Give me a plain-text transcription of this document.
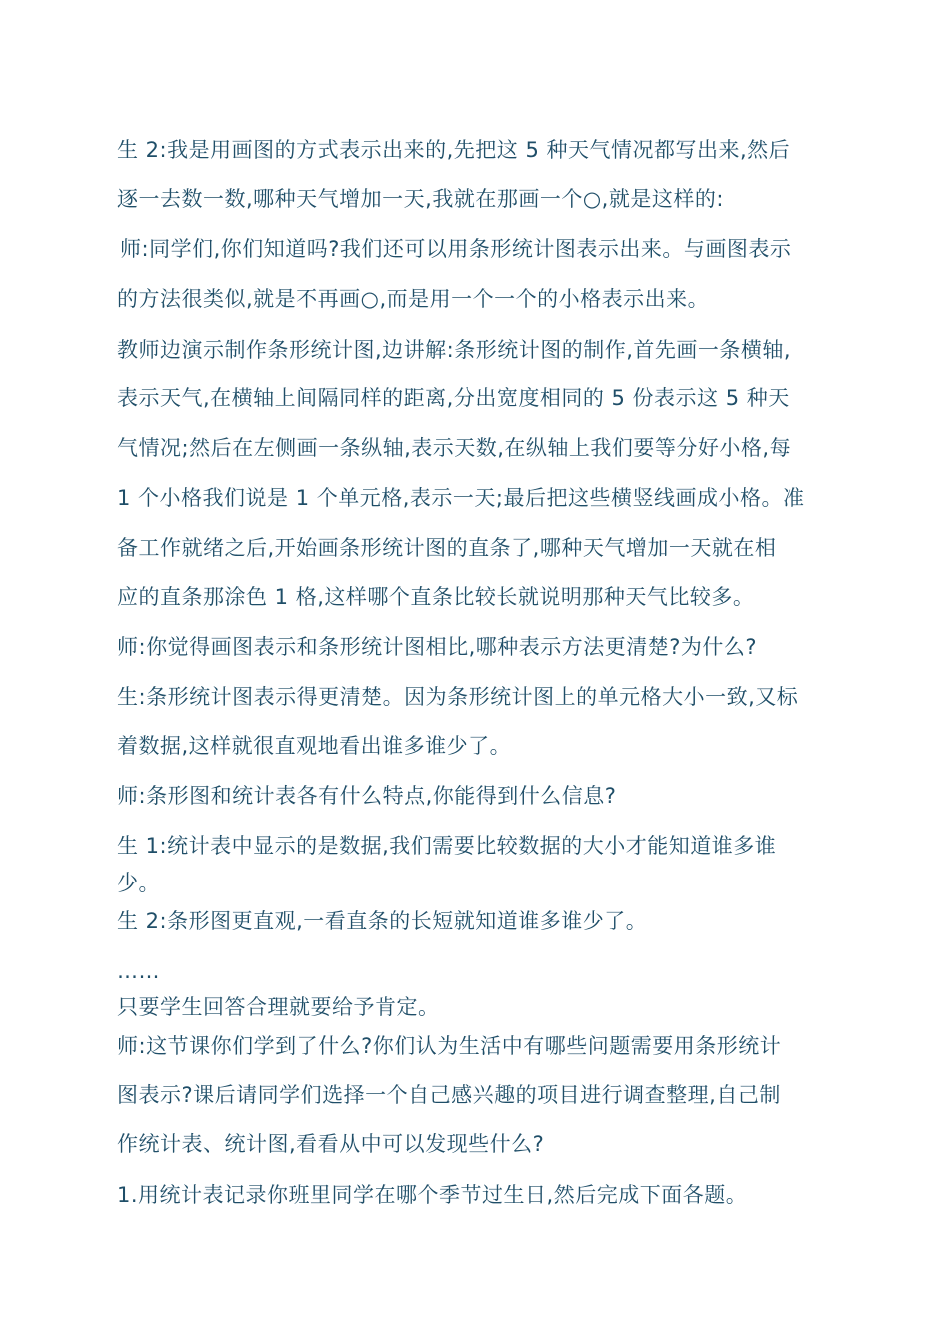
生 2:我是用画图的方式表示出来的,先把这 5 种天气情况都写出来,然后
逐一去数一数,哪种天气增加一天,我就在那画一个○,就是这样的:
师:同学们,你们知道吗?我们还可以用条形统计图表示出来。与画图表示
的方法很类似,就是不再画○,而是用一个一个的小格表示出来。
教师边演示制作条形统计图,边讲解:条形统计图的制作,首先画一条横轴,
表示天气,在横轴上间隔同样的距离,分出宽度相同的 5 份表示这 5 种天
气情况;然后在左侧画一条纵轴,表示天数,在纵轴上我们要等分好小格,每
1 个小格我们说是 1 个单元格,表示一天;最后把这些横竖线画成小格。准
备工作就绪之后,开始画条形统计图的直条了,哪种天气增加一天就在相
应的直条那涂色 1 格,这样哪个直条比较长就说明那种天气比较多。
师:你觉得画图表示和条形统计图相比,哪种表示方法更清楚?为什么?
生:条形统计图表示得更清楚。因为条形统计图上的单元格大小一致,又标
着数据,这样就很直观地看出谁多谁少了。
师:条形图和统计表各有什么特点,你能得到什么信息?
生 1:统计表中显示的是数据,我们需要比较数据的大小才能知道谁多谁
少。
生 2:条形图更直观,一看直条的长短就知道谁多谁少了。
……
只要学生回答合理就要给予肯定。
师:这节课你们学到了什么?你们认为生活中有哪些问题需要用条形统计
图表示?课后请同学们选择一个自己感兴趣的项目进行调查整理,自己制
作统计表、统计图,看看从中可以发现些什么?
1.用统计表记录你班里同学在哪个季节过生日,然后完成下面各题。
